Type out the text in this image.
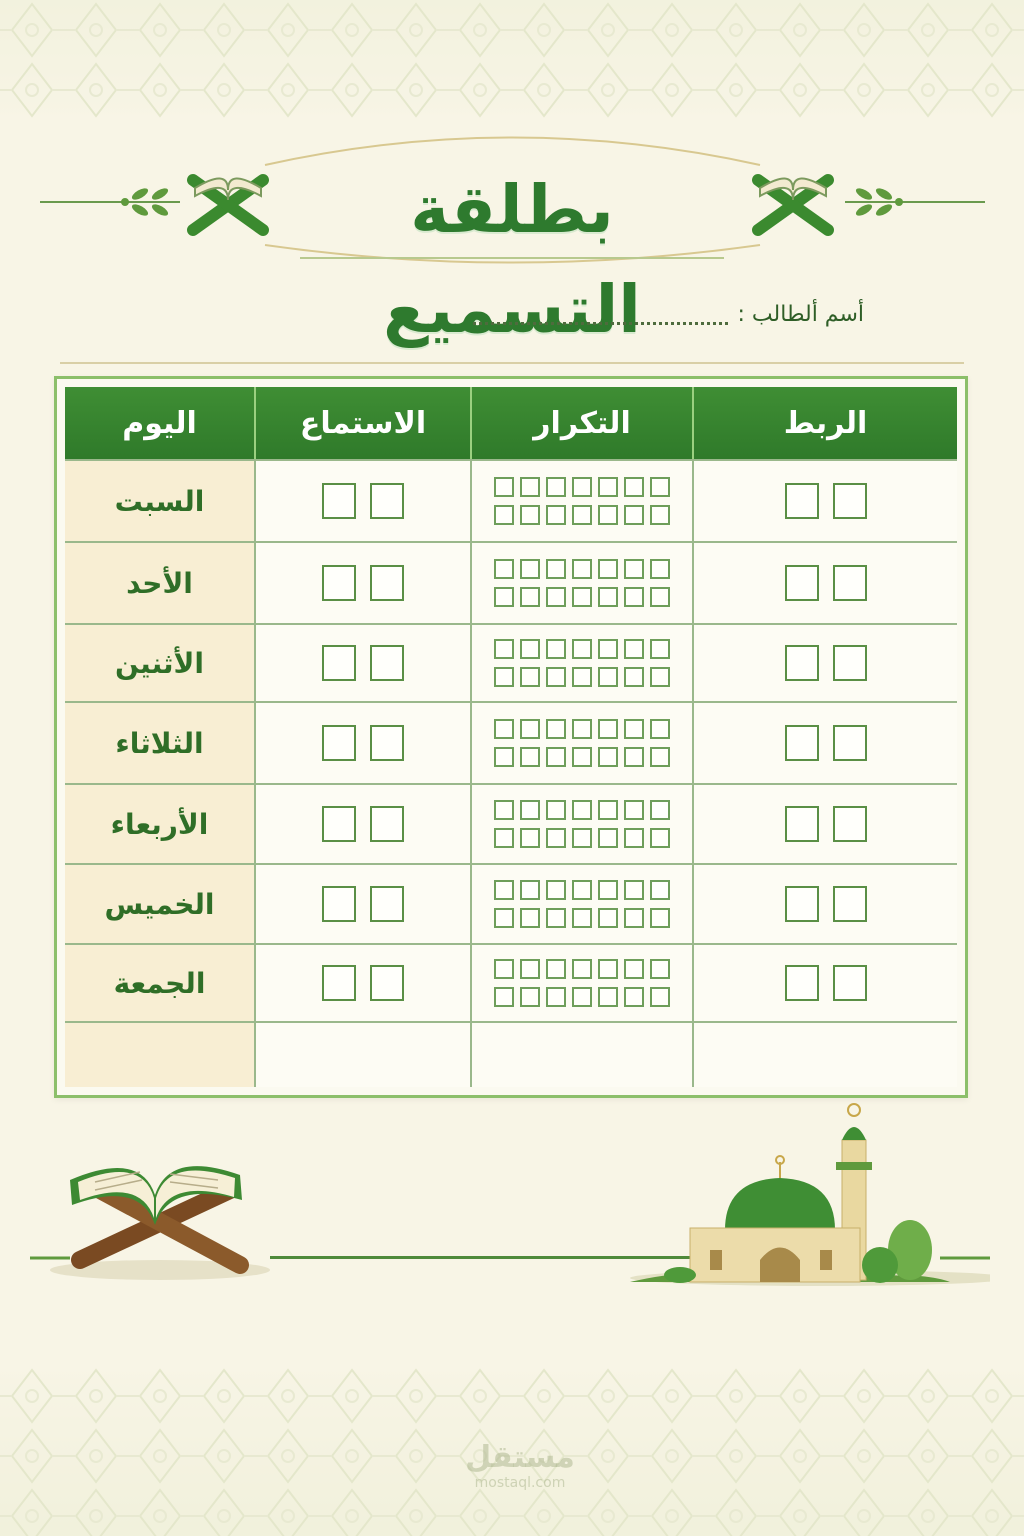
بطلقة التسميع	أسم ألطالب :
اليوم	الاستماع	التكرار	الربط
السبت
الأحد
الأثنين
الثلاثاء
الأربعاء
الخميس
الجمعة
مستقل
mostaql.com
